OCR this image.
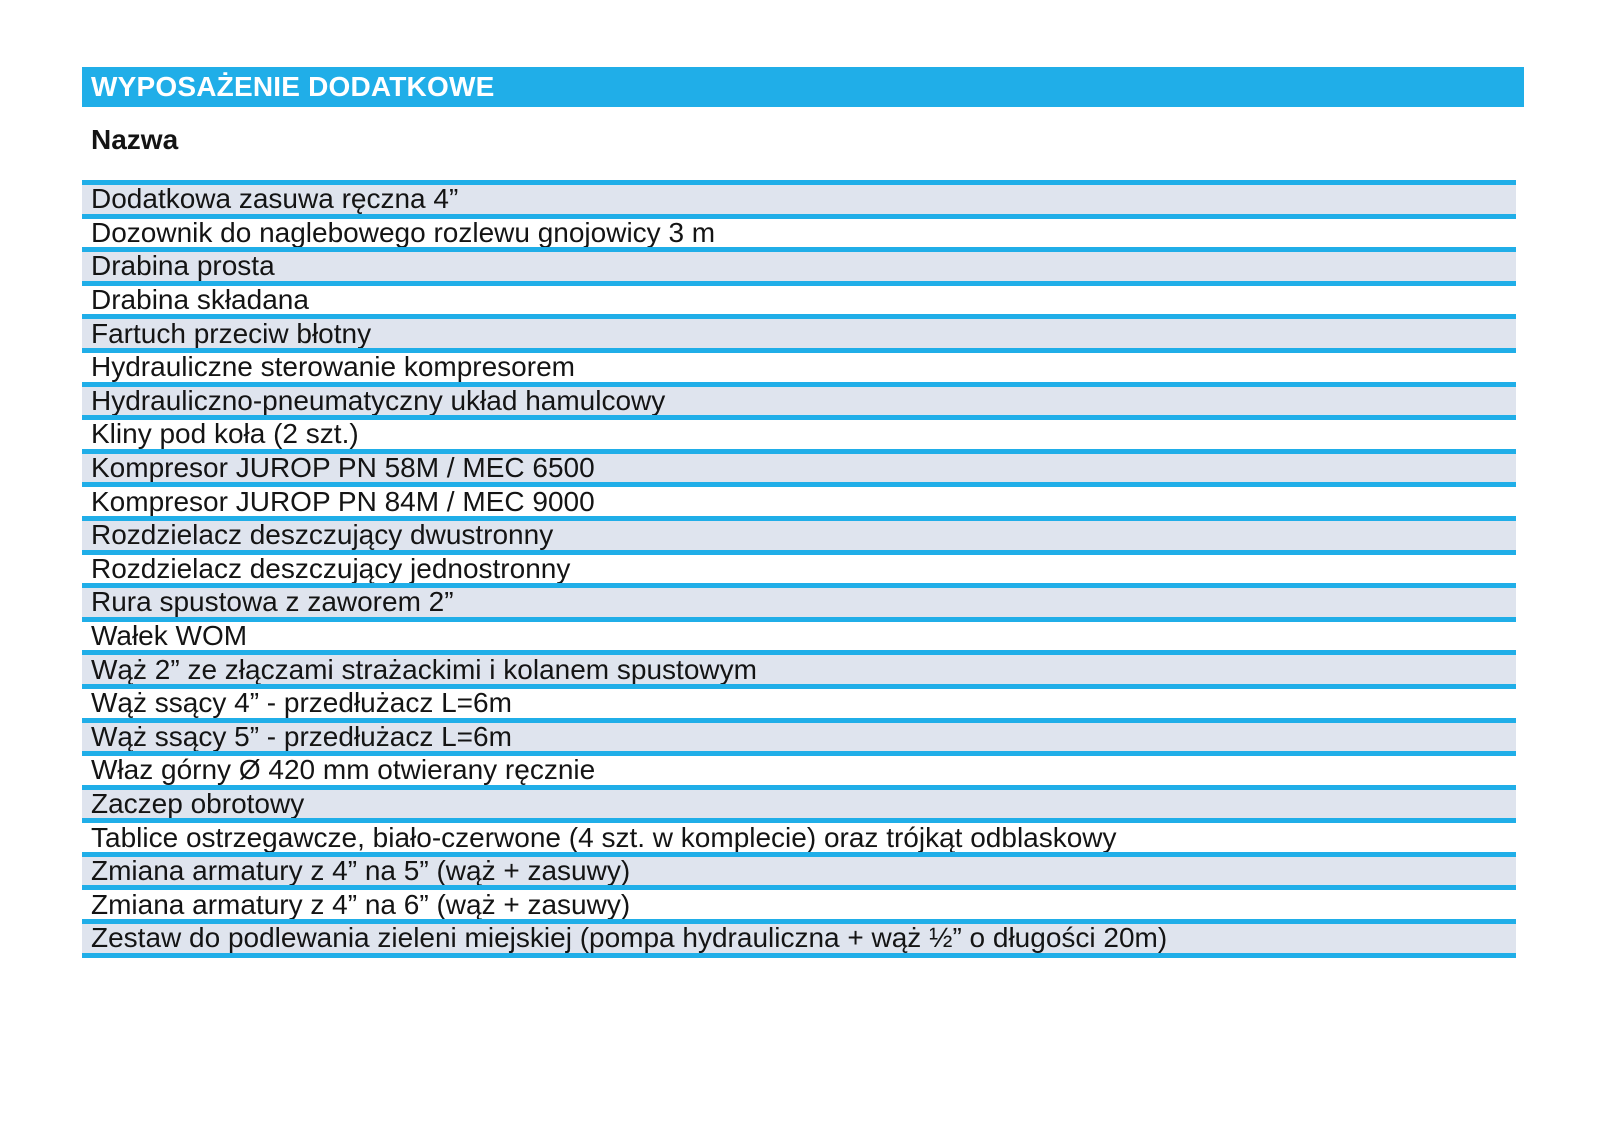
WYPOSAŻENIE DODATKOWE
Nazwa
Dodatkowa zasuwa ręczna 4”
Dozownik do naglebowego rozlewu gnojowicy 3 m
Drabina prosta
Drabina składana
Fartuch przeciw błotny
Hydrauliczne sterowanie kompresorem
Hydrauliczno-pneumatyczny układ hamulcowy
Kliny pod koła (2 szt.)
Kompresor JUROP PN 58M / MEC 6500
Kompresor JUROP PN 84M / MEC 9000
Rozdzielacz deszczujący dwustronny
Rozdzielacz deszczujący jednostronny
Rura spustowa z zaworem 2”
Wałek WOM
Wąż 2” ze złączami strażackimi i kolanem spustowym
Wąż ssący 4” - przedłużacz L=6m
Wąż ssący 5” - przedłużacz L=6m
Właz górny Ø 420 mm otwierany ręcznie
Zaczep obrotowy
Tablice ostrzegawcze, biało-czerwone (4 szt. w komplecie) oraz trójkąt odblaskowy
Zmiana armatury z 4” na 5” (wąż + zasuwy)
Zmiana armatury z 4” na 6” (wąż + zasuwy)
Zestaw do podlewania zieleni miejskiej (pompa hydrauliczna + wąż ½” o długości 20m)
